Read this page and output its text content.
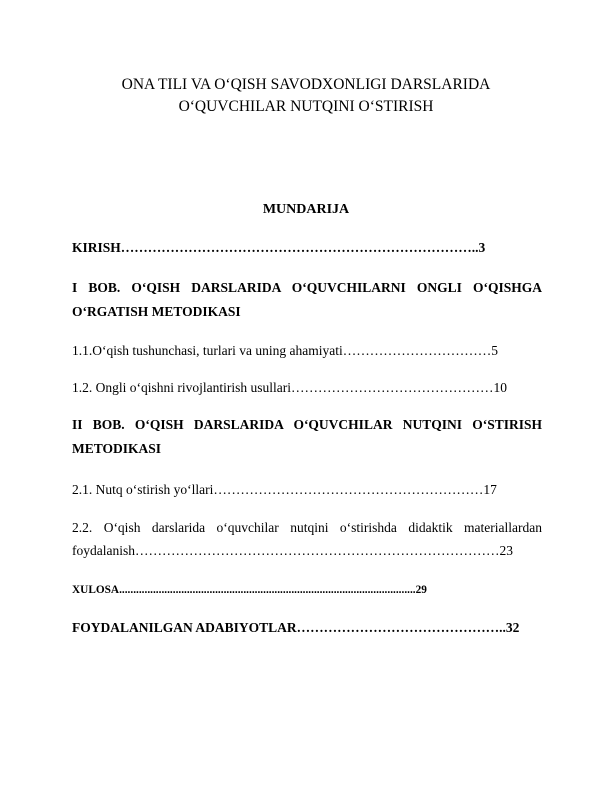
ONA TILI VA O‘QISH SAVODXONLIGI DARSLARIDA
O‘QUVCHILAR NUTQINI O‘STIRISH
MUNDARIJA
KIRISH……………………………………………………………………..3
I BOB. O‘QISH DARSLARIDA O‘QUVCHILARNI ONGLI O‘QISHGA
O‘RGATISH METODIKASI
1.1.O‘qish tushunchasi, turlari va uning ahamiyati……………………………5
1.2. Ongli o‘qishni rivojlantirish usullari………………………………………10
II BOB. O‘QISH DARSLARIDA O‘QUVCHILAR NUTQINI O‘STIRISH
METODIKASI
2.1. Nutq o‘stirish yo‘llari……………………………………………………17
2.2. O‘qish darslarida o‘quvchilar nutqini o‘stirishda didaktik materiallardan
foydalanish………………………………………………………………………23
XULOSA.........................................................................................................29
FOYDALANILGAN ADABIYOTLAR………………………………………..32
